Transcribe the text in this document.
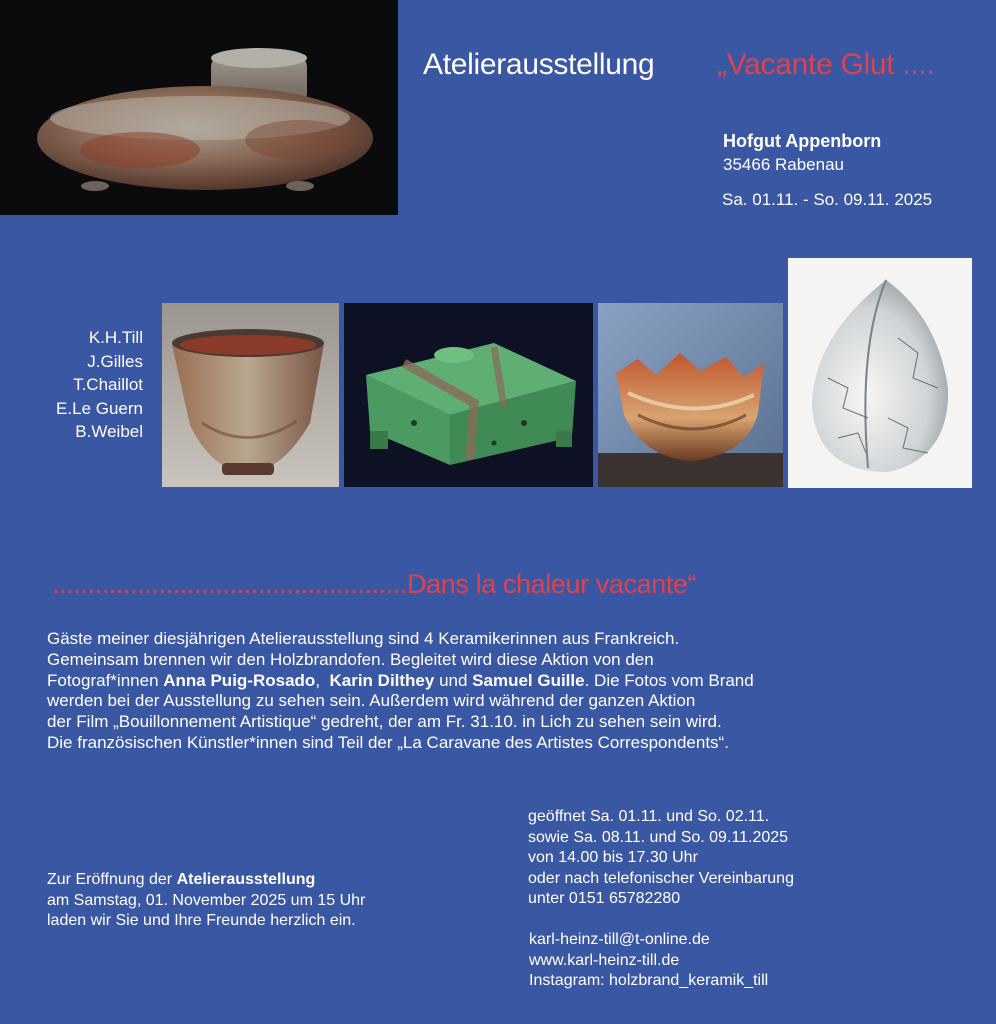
Atelierausstellung „Vacante Glut ....
Hofgut Appenborn
35466 Rabenau
Sa. 01.11. - So. 09.11. 2025
K.H.Till
J.Gilles
T.Chaillot
E.Le Guern
B.Weibel
..................................................Dans la chaleur vacante“
Gäste meiner diesjährigen Atelierausstellung sind 4 Keramikerinnen aus Frankreich.
Gemeinsam brennen wir den Holzbrandofen. Begleitet wird diese Aktion von den
Fotograf*innen Anna Puig-Rosado,  Karin Dilthey und Samuel Guille. Die Fotos vom Brand
werden bei der Ausstellung zu sehen sein. Außerdem wird während der ganzen Aktion
der Film „Bouillonnement Artistique“ gedreht, der am Fr. 31.10. in Lich zu sehen sein wird.
Die französischen Künstler*innen sind Teil der „La Caravane des Artistes Correspondents“.
Zur Eröffnung der Atelierausstellung
am Samstag, 01. November 2025 um 15 Uhr
laden wir Sie und Ihre Freunde herzlich ein.
geöffnet Sa. 01.11. und So. 02.11.
sowie Sa. 08.11. und So. 09.11.2025
von 14.00 bis 17.30 Uhr
oder nach telefonischer Vereinbarung
unter 0151 65782280
karl-heinz-till@t-online.de
www.karl-heinz-till.de
Instagram: holzbrand_keramik_till
